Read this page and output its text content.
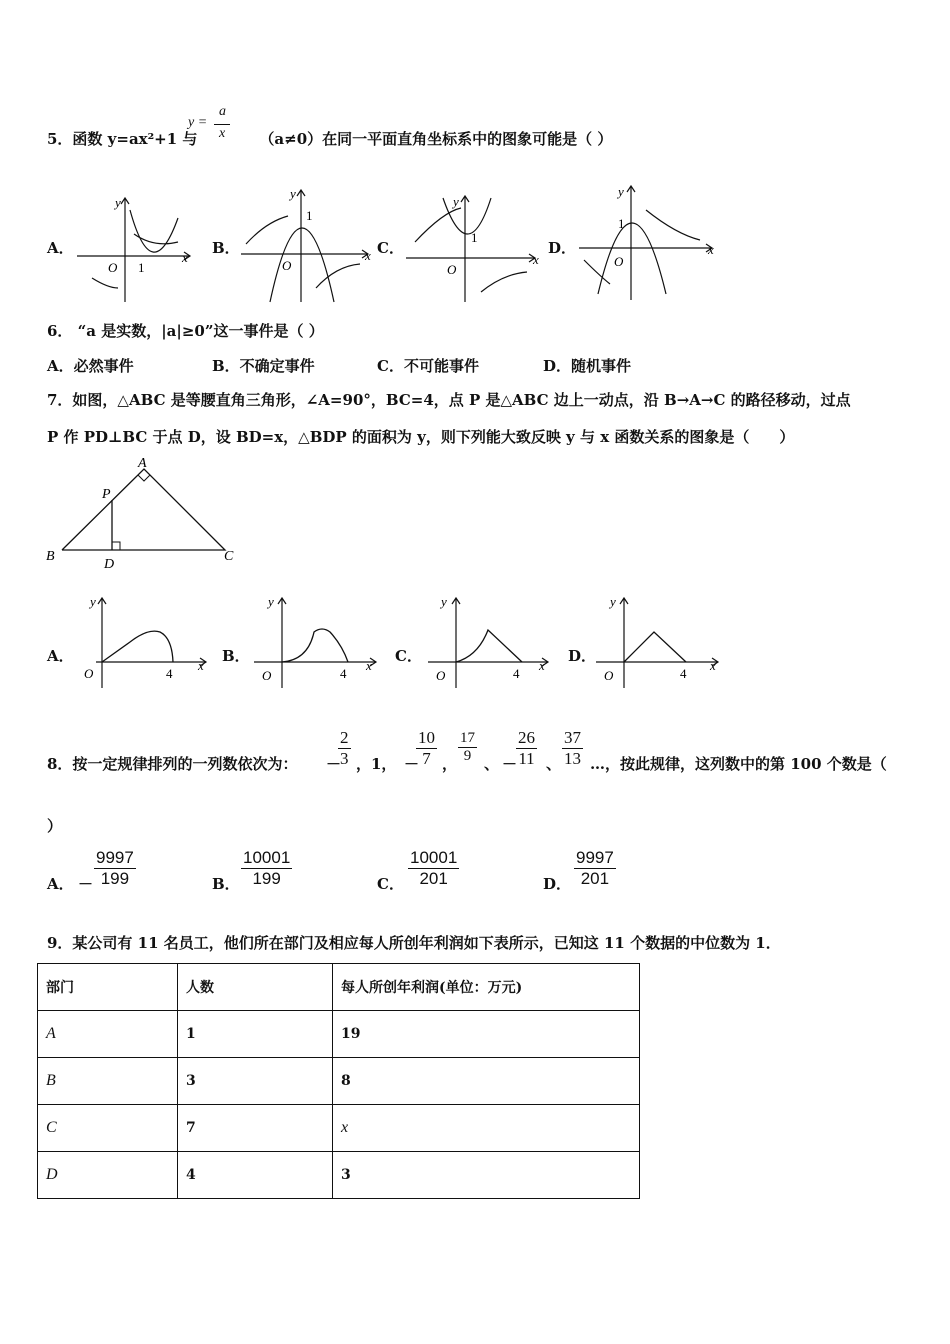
5．函数 y=ax²+1 与	（a≠0）在同一平面直角坐标系中的图象可能是（ ）
y =
a
x
A．	B．	C．	D．
x
y
O 1
x
y
O
1
x
y
O
1
x
y
O
1
6． “a 是实数，|a|≥0”这一事件是（ ）
A．必然事件	B．不确定事件	C．不可能事件	D．随机事件
7．如图，△ABC 是等腰直角三角形，∠A=90°，BC=4，点 P 是△ABC 边上一动点，沿 B→A→C 的路径移动，过点
P 作 PD⊥BC 于点 D，设 BD=x，△BDP 的面积为 y，则下列能大致反映 y 与 x 函数关系的图象是（　　）
A
P
B	C
D
A．	B．	C．	D．
x
y
O	4
x
y
O	4
x
y
O	4
x
y
O	4
8．按一定规律排列的一列数依次为： －
$\frac{2}{3}$ ，1， －
$\frac{10}{7}$ ， $\frac{17}{9}$ 、 －
$\frac{26}{11}$ 、 $\frac{37}{13}$ …，按此规律，这列数中的第 100 个数是（
）
A． －
9997
199	B．
10001
199	C．
10001
201	D．
9997
201
9．某公司有 11 名员工，他们所在部门及相应每人所创年利润如下表所示，已知这 11 个数据的中位数为 1．
部门	人数	每人所创年利润(单位：万元)
A	1	19
B	3	8
C	7	x
D	4	3
